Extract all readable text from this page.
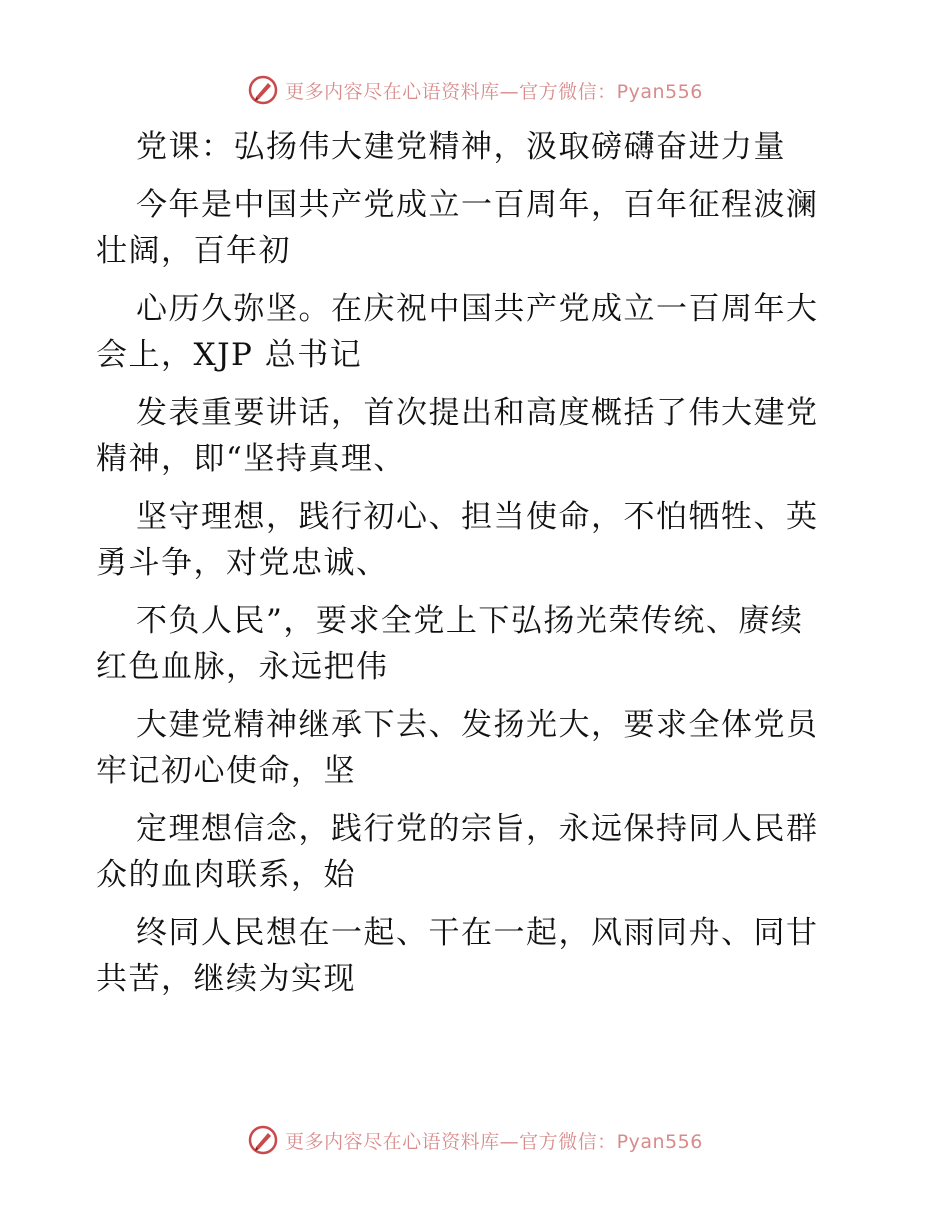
更多内容尽在心语资料库—官方微信：Pyan556
党课：弘扬伟大建党精神，汲取磅礴奋进力量
今年是中国共产党成立一百周年，百年征程波澜
壮阔，百年初
心历久弥坚。在庆祝中国共产党成立一百周年大
会上，XJP 总书记
发表重要讲话，首次提出和高度概括了伟大建党
精神，即“坚持真理、
坚守理想，践行初心、担当使命，不怕牺牲、英
勇斗争，对党忠诚、
不负人民”，要求全党上下弘扬光荣传统、赓续
红色血脉，永远把伟
大建党精神继承下去、发扬光大，要求全体党员
牢记初心使命，坚
定理想信念，践行党的宗旨，永远保持同人民群
众的血肉联系，始
终同人民想在一起、干在一起，风雨同舟、同甘
共苦，继续为实现
更多内容尽在心语资料库—官方微信：Pyan556
